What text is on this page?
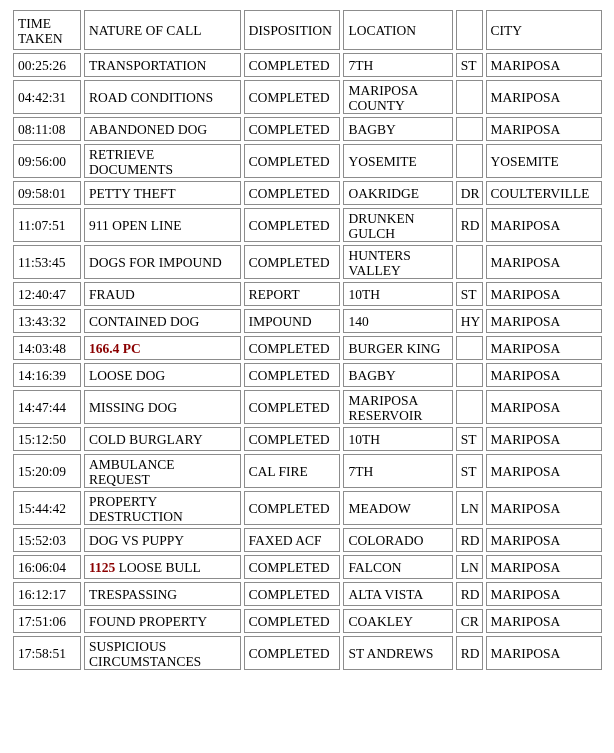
TIME TAKEN	NATURE OF CALL	DISPOSITION	LOCATION		CITY
00:25:26	TRANSPORTATION	COMPLETED	7TH	ST	MARIPOSA
04:42:31	ROAD CONDITIONS	COMPLETED	MARIPOSA COUNTY		MARIPOSA
08:11:08	ABANDONED DOG	COMPLETED	BAGBY		MARIPOSA
09:56:00	RETRIEVE DOCUMENTS	COMPLETED	YOSEMITE		YOSEMITE
09:58:01	PETTY THEFT	COMPLETED	OAKRIDGE	DR	COULTERVILLE
11:07:51	911 OPEN LINE	COMPLETED	DRUNKEN GULCH	RD	MARIPOSA
11:53:45	DOGS FOR IMPOUND	COMPLETED	HUNTERS VALLEY		MARIPOSA
12:40:47	FRAUD	REPORT	10TH	ST	MARIPOSA
13:43:32	CONTAINED DOG	IMPOUND	140	HY	MARIPOSA
14:03:48	166.4 PC	COMPLETED	BURGER KING		MARIPOSA
14:16:39	LOOSE DOG	COMPLETED	BAGBY		MARIPOSA
14:47:44	MISSING DOG	COMPLETED	MARIPOSA RESERVOIR		MARIPOSA
15:12:50	COLD BURGLARY	COMPLETED	10TH	ST	MARIPOSA
15:20:09	AMBULANCE REQUEST	CAL FIRE	7TH	ST	MARIPOSA
15:44:42	PROPERTY DESTRUCTION	COMPLETED	MEADOW	LN	MARIPOSA
15:52:03	DOG VS PUPPY	FAXED ACF	COLORADO	RD	MARIPOSA
16:06:04	1125 LOOSE BULL	COMPLETED	FALCON	LN	MARIPOSA
16:12:17	TRESPASSING	COMPLETED	ALTA VISTA	RD	MARIPOSA
17:51:06	FOUND PROPERTY	COMPLETED	COAKLEY	CR	MARIPOSA
17:58:51	SUSPICIOUS CIRCUMSTANCES	COMPLETED	ST ANDREWS	RD	MARIPOSA
